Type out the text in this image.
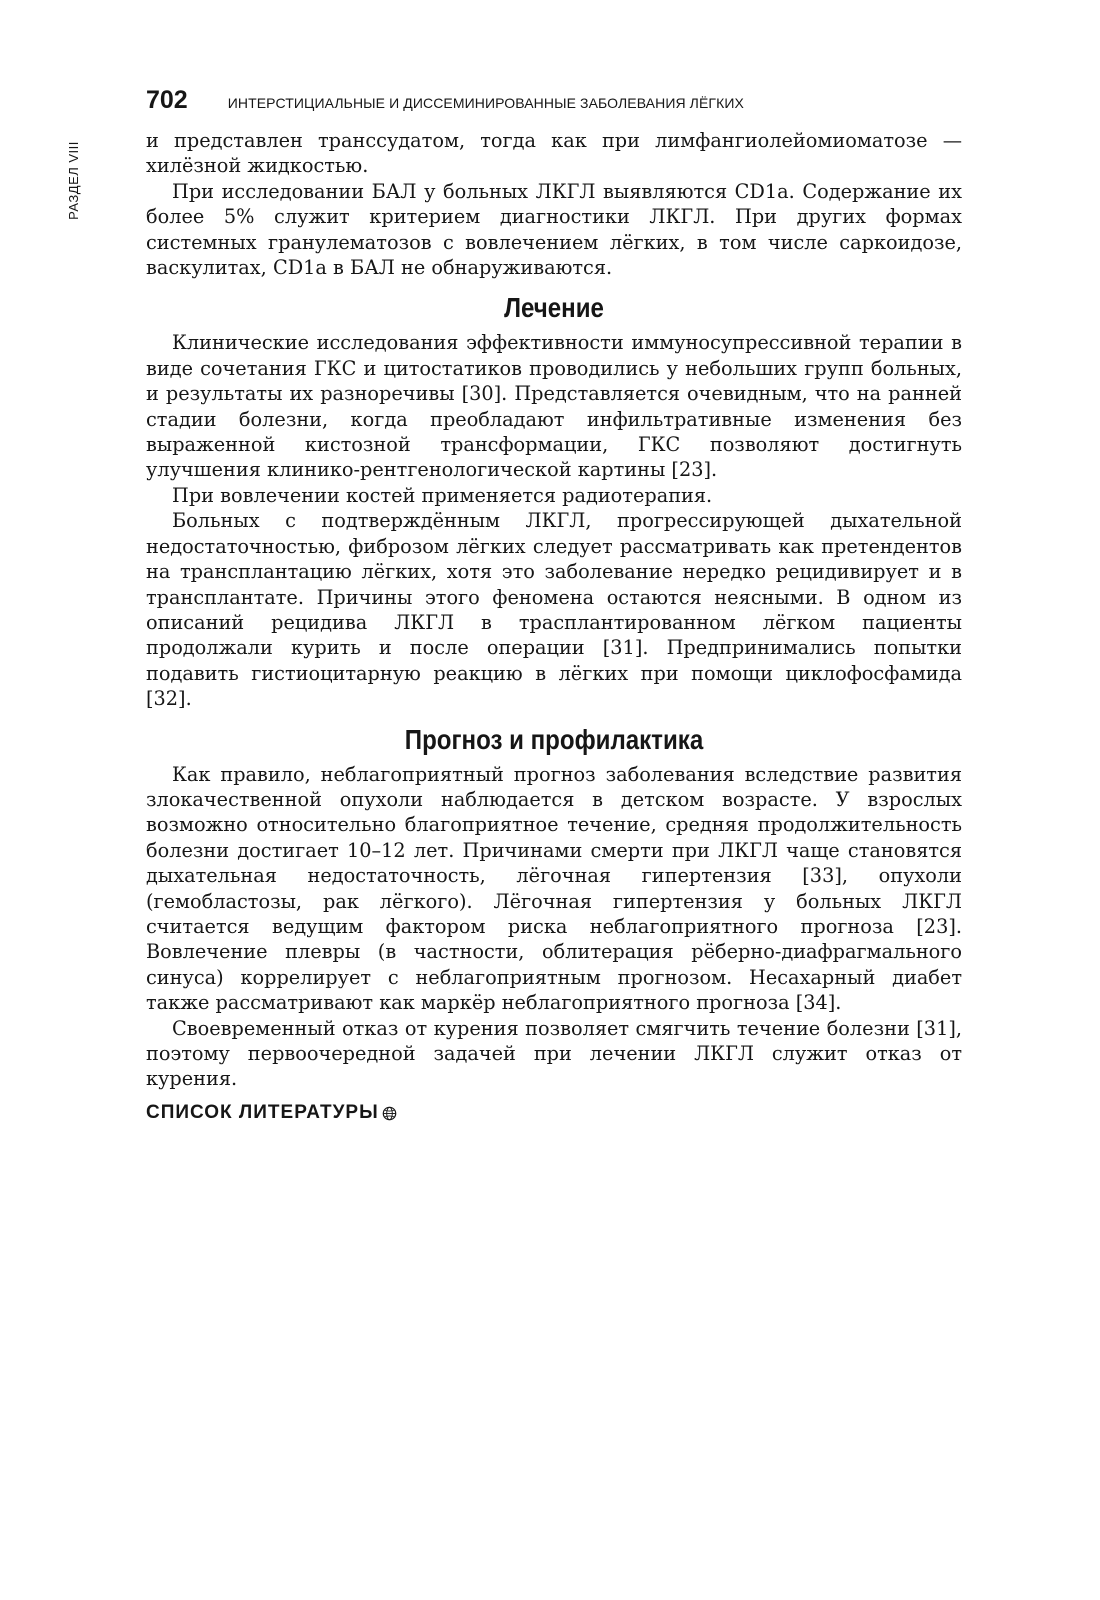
РАЗДЕЛ VIII
702	ИНТЕРСТИЦИАЛЬНЫЕ И ДИССЕМИНИРОВАННЫЕ ЗАБОЛЕВАНИЯ ЛЁГКИХ

и представлен транссудатом, тогда как при лимфангиолейомиоматозе — хилёзной жидкостью.

При исследовании БАЛ у больных ЛКГЛ выявляются CD1a. Содержание их более 5% служит критерием диагностики ЛКГЛ. При других формах системных гранулематозов с вовлечением лёгких, в том числе саркоидозе, васкулитах, CD1a в БАЛ не обнаруживаются.

Лечение

Клинические исследования эффективности иммуносупрессивной терапии в виде сочетания ГКС и цитостатиков проводились у небольших групп больных, и результаты их разноречивы [30]. Представляется очевидным, что на ранней стадии болезни, когда преобладают инфильтративные изменения без выраженной кистозной трансформации, ГКС позволяют достигнуть улучшения клинико-рентгенологической картины [23].

При вовлечении костей применяется радиотерапия.

Больных с подтверждённым ЛКГЛ, прогрессирующей дыхательной недостаточностью, фиброзом лёгких следует рассматривать как претендентов на трансплантацию лёгких, хотя это заболевание нередко рецидивирует и в трансплантате. Причины этого феномена остаются неясными. В одном из описаний рецидива ЛКГЛ в трасплантированном лёгком пациенты продолжали курить и после операции [31]. Предпринимались попытки подавить гистиоцитарную реакцию в лёгких при помощи циклофосфамида [32].

Прогноз и профилактика

Как правило, неблагоприятный прогноз заболевания вследствие развития злокачественной опухоли наблюдается в детском возрасте. У взрослых возможно относительно благоприятное течение, средняя продолжительность болезни достигает 10–12 лет. Причинами смерти при ЛКГЛ чаще становятся дыхательная недостаточность, лёгочная гипертензия [33], опухоли (гемобластозы, рак лёгкого). Лёгочная гипертензия у больных ЛКГЛ считается ведущим фактором риска неблагоприятного прогноза [23]. Вовлечение плевры (в частности, облитерация рёберно-диафрагмального синуса) коррелирует с неблагоприятным прогнозом. Несахарный диабет также рассматривают как маркёр неблагоприятного прогноза [34].

Своевременный отказ от курения позволяет смягчить течение болезни [31], поэтому первоочередной задачей при лечении ЛКГЛ служит отказ от курения.

СПИСОК ЛИТЕРАТУРЫ
